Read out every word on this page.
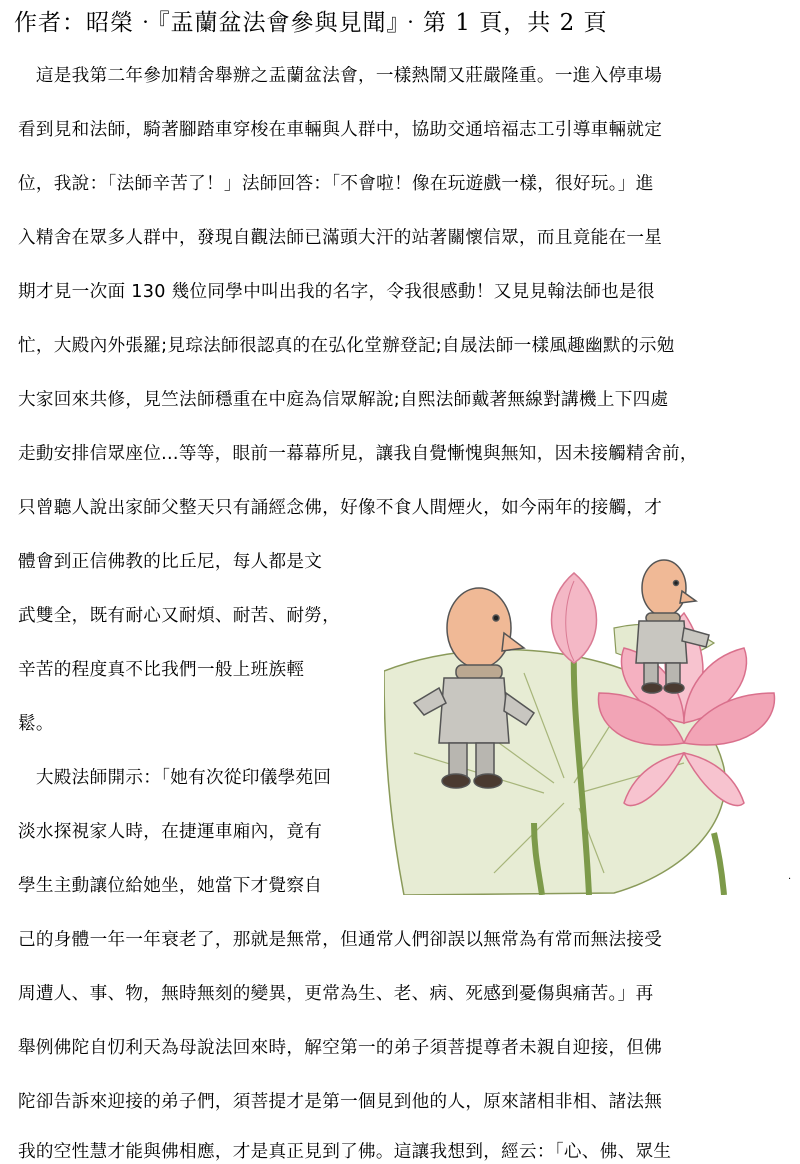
作者：昭榮‧『盂蘭盆法會參與見聞』‧第 1 頁，共 2 頁
　這是我第二年參加精舍舉辦之盂蘭盆法會，一樣熱鬧又莊嚴隆重。一進入停車場
看到見和法師，騎著腳踏車穿梭在車輛與人群中，協助交通培福志工引導車輛就定
位，我說：「法師辛苦了！」法師回答：「不會啦！像在玩遊戲一樣，很好玩。」進
入精舍在眾多人群中，發現自觀法師已滿頭大汗的站著關懷信眾，而且竟能在一星
期才見一次面 130 幾位同學中叫出我的名字，令我很感動！又見見翰法師也是很
忙，大殿內外張羅;見琮法師很認真的在弘化堂辦登記;自晟法師一樣風趣幽默的示勉
大家回來共修，見竺法師穩重在中庭為信眾解說;自熙法師戴著無線對講機上下四處
走動安排信眾座位...等等，眼前一幕幕所見，讓我自覺慚愧與無知，因未接觸精舍前，
只曾聽人說出家師父整天只有誦經念佛，好像不食人間煙火，如今兩年的接觸，才
體會到正信佛教的比丘尼，每人都是文
武雙全，既有耐心又耐煩、耐苦、耐勞，
辛苦的程度真不比我們一般上班族輕
鬆。
　大殿法師開示：「她有次從印儀學苑回
淡水探視家人時，在捷運車廂內，竟有
學生主動讓位給她坐，她當下才覺察自
己的身體一年一年衰老了，那就是無常，但通常人們卻誤以無常為有常而無法接受
周遭人、事、物，無時無刻的變異，更常為生、老、病、死感到憂傷與痛苦。」再
舉例佛陀自忉利天為母說法回來時，解空第一的弟子須菩提尊者未親自迎接，但佛
陀卻告訴來迎接的弟子們，須菩提才是第一個見到他的人，原來諸相非相、諸法無
我的空性慧才能與佛相應，才是真正見到了佛。這讓我想到，經云：「心、佛、眾生
·
